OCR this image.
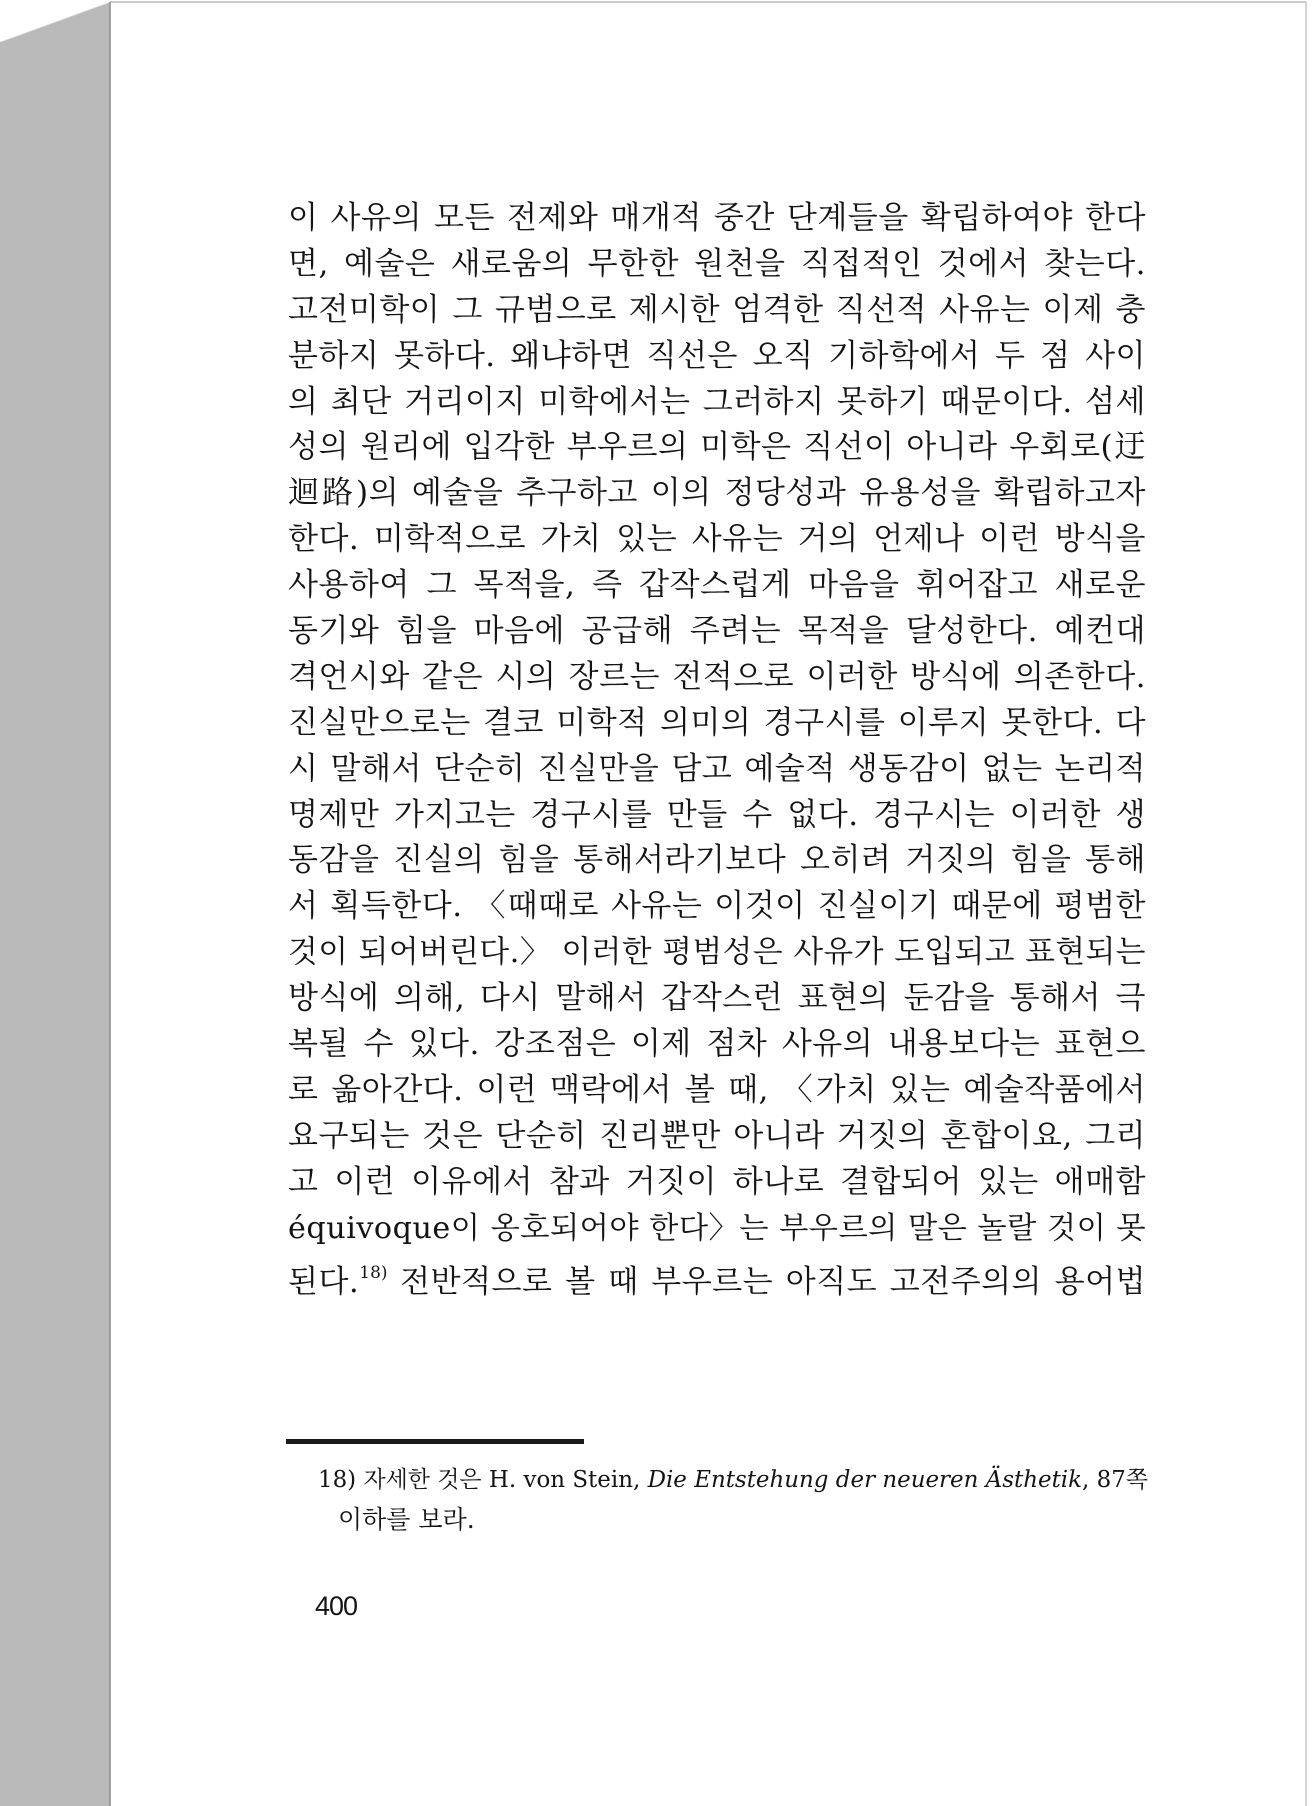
이 사유의 모든 전제와 매개적 중간 단계들을 확립하여야 한다
면, 예술은 새로움의 무한한 원천을 직접적인 것에서 찾는다.
고전미학이 그 규범으로 제시한 엄격한 직선적 사유는 이제 충
분하지 못하다. 왜냐하면 직선은 오직 기하학에서 두 점 사이
의 최단 거리이지 미학에서는 그러하지 못하기 때문이다. 섬세
성의 원리에 입각한 부우르의 미학은 직선이 아니라 우회로(迂
迴路)의 예술을 추구하고 이의 정당성과 유용성을 확립하고자
한다. 미학적으로 가치 있는 사유는 거의 언제나 이런 방식을
사용하여 그 목적을, 즉 갑작스럽게 마음을 휘어잡고 새로운
동기와 힘을 마음에 공급해 주려는 목적을 달성한다. 예컨대
격언시와 같은 시의 장르는 전적으로 이러한 방식에 의존한다.
진실만으로는 결코 미학적 의미의 경구시를 이루지 못한다. 다
시 말해서 단순히 진실만을 담고 예술적 생동감이 없는 논리적
명제만 가지고는 경구시를 만들 수 없다. 경구시는 이러한 생
동감을 진실의 힘을 통해서라기보다 오히려 거짓의 힘을 통해
서 획득한다. 〈때때로 사유는 이것이 진실이기 때문에 평범한
것이 되어버린다.〉 이러한 평범성은 사유가 도입되고 표현되는
방식에 의해, 다시 말해서 갑작스런 표현의 둔감을 통해서 극
복될 수 있다. 강조점은 이제 점차 사유의 내용보다는 표현으
로 옮아간다. 이런 맥락에서 볼 때, 〈가치 있는 예술작품에서
요구되는 것은 단순히 진리뿐만 아니라 거짓의 혼합이요, 그리
고 이런 이유에서 참과 거짓이 하나로 결합되어 있는 애매함
équivoque이 옹호되어야 한다〉는 부우르의 말은 놀랄 것이 못
된다.$^{18)}$ 전반적으로 볼 때 부우르는 아직도 고전주의의 용어법
18) 자세한 것은 H. von Stein, Die Entstehung der neueren Ästhetik, 87쪽
이하를 보라.
400
